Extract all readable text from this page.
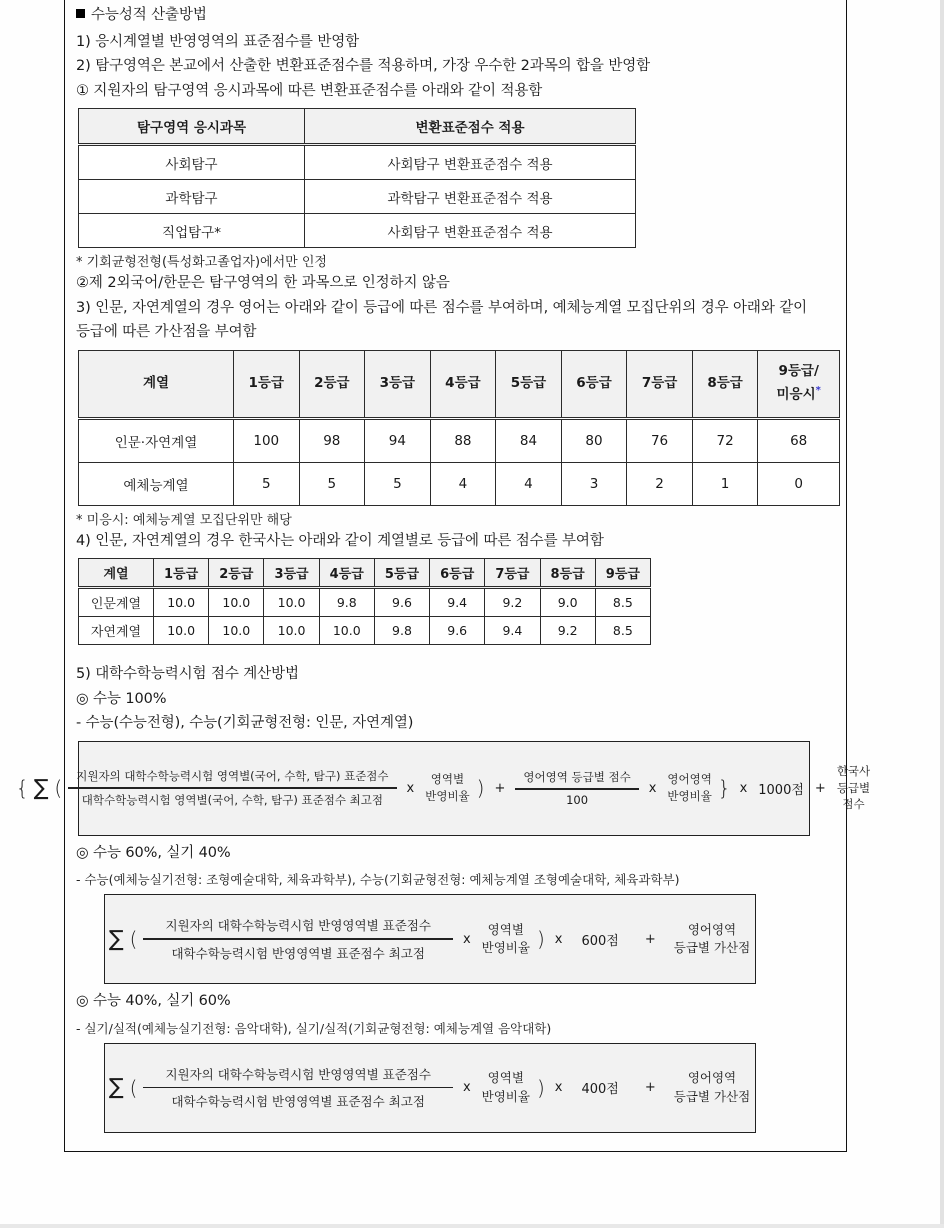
수능성적 산출방법

1) 응시계열별 반영영역의 표준점수를 반영함

2) 탐구영역은 본교에서 산출한 변환표준점수를 적용하며, 가장 우수한 2과목의 합을 반영함

① 지원자의 탐구영역 응시과목에 따른 변환표준점수를 아래와 같이 적용함

탐구영역 응시과목	변환표준점수 적용
사회탐구	사회탐구 변환표준점수 적용
과학탐구	과학탐구 변환표준점수 적용
직업탐구*	사회탐구 변환표준점수 적용

* 기회균형전형(특성화고졸업자)에서만 인정

②제 2외국어/한문은 탐구영역의 한 과목으로 인정하지 않음

3) 인문, 자연계열의 경우 영어는 아래와 같이 등급에 따른 점수를 부여하며, 예체능계열 모집단위의 경우 아래와 같이

등급에 따른 가산점을 부여함

계열	1등급	2등급	3등급	4등급	5등급	6등급	7등급	8등급	9등급/
미응시*
인문·자연계열	100	98	94	88	84	80	76	72	68
예체능계열	5	5	5	4	4	3	2	1	0

* 미응시: 예체능계열 모집단위만 해당

4) 인문, 자연계열의 경우 한국사는 아래와 같이 계열별로 등급에 따른 점수를 부여함

계열	1등급	2등급	3등급	4등급	5등급	6등급	7등급	8등급	9등급
인문계열	10.0	10.0	10.0	9.8	9.6	9.4	9.2	9.0	8.5
자연계열	10.0	10.0	10.0	10.0	9.8	9.6	9.4	9.2	8.5

5) 대학수학능력시험 점수 계산방법

◎ 수능 100%

- 수능(수능전형), 수능(기회균형전형: 인문, 자연계열)

{ ∑ ( $\frac{\text{지원자의 대학수학능력시험 영역별(국어, 수학, 탐구) 표준점수}}{\text{대학수학능력시험 영역별(국어, 수학, 탐구) 표준점수 최고점}}$ x
영역별
반영비율 ) + $\frac{\text{영어영역 등급별 점수}}{100}$ x
영어영역
반영비율 } x 1000점 +
한국사
등급별
점수

◎ 수능 60%, 실기 40%

- 수능(예체능실기전형: 조형예술대학, 체육과학부), 수능(기회균형전형: 예체능계열 조형예술대학, 체육과학부)

∑ ( $\frac{\text{지원자의 대학수학능력시험 반영영역별 표준점수}}{\text{대학수학능력시험 반영영역별 표준점수 최고점}}$ x
영역별
반영비율 ) x 600점 +
영어영역
등급별 가산점

◎ 수능 40%, 실기 60%

- 실기/실적(예체능실기전형: 음악대학), 실기/실적(기회균형전형: 예체능계열 음악대학)

∑ ( $\frac{\text{지원자의 대학수학능력시험 반영영역별 표준점수}}{\text{대학수학능력시험 반영영역별 표준점수 최고점}}$ x
영역별
반영비율 ) x 400점 +
영어영역
등급별 가산점
